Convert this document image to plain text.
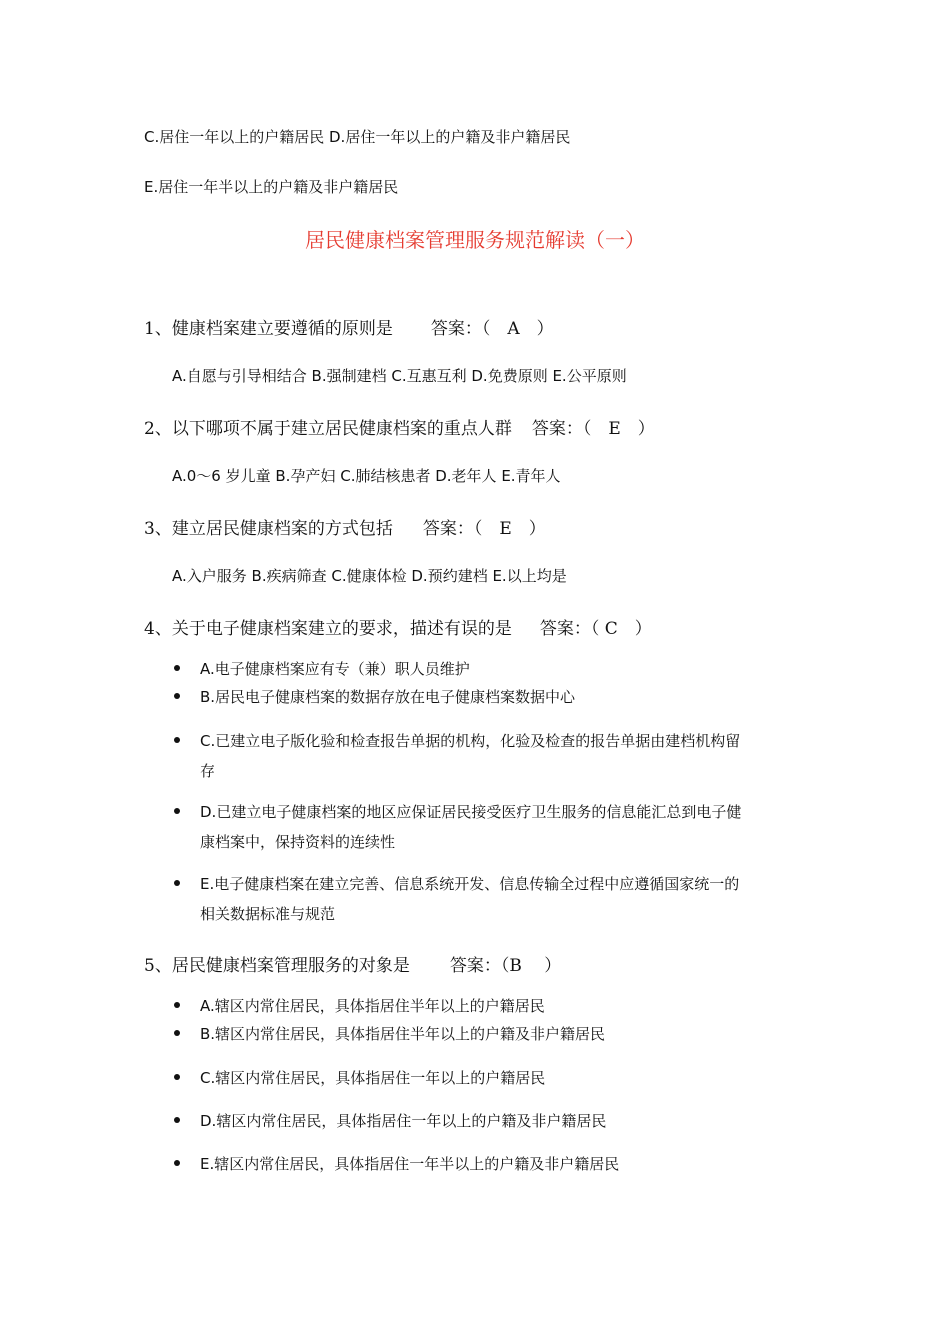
C.居住一年以上的户籍居民 D.居住一年以上的户籍及非户籍居民
E.居住一年半以上的户籍及非户籍居民
居民健康档案管理服务规范解读（一）
1、健康档案建立要遵循的原则是 答案：（　A　）
A.自愿与引导相结合 B.强制建档 C.互惠互利 D.免费原则 E.公平原则
2、以下哪项不属于建立居民健康档案的重点人群 答案：（　E　）
A.0～6 岁儿童 B.孕产妇 C.肺结核患者 D.老年人 E.青年人
3、建立居民健康档案的方式包括 答案：（　E　）
A.入户服务 B.疾病筛查 C.健康体检 D.预约建档 E.以上均是
4、关于电子健康档案建立的要求，描述有误的是 答案：（ C　）
A.电子健康档案应有专（兼）职人员维护
B.居民电子健康档案的数据存放在电子健康档案数据中心
C.已建立电子版化验和检查报告单据的机构，化验及检查的报告单据由建档机构留
存
D.已建立电子健康档案的地区应保证居民接受医疗卫生服务的信息能汇总到电子健
康档案中，保持资料的连续性
E.电子健康档案在建立完善、信息系统开发、信息传输全过程中应遵循国家统一的
相关数据标准与规范
5、居民健康档案管理服务的对象是 答案：（B　 ）
A.辖区内常住居民，具体指居住半年以上的户籍居民
B.辖区内常住居民，具体指居住半年以上的户籍及非户籍居民
C.辖区内常住居民，具体指居住一年以上的户籍居民
D.辖区内常住居民，具体指居住一年以上的户籍及非户籍居民
E.辖区内常住居民，具体指居住一年半以上的户籍及非户籍居民
